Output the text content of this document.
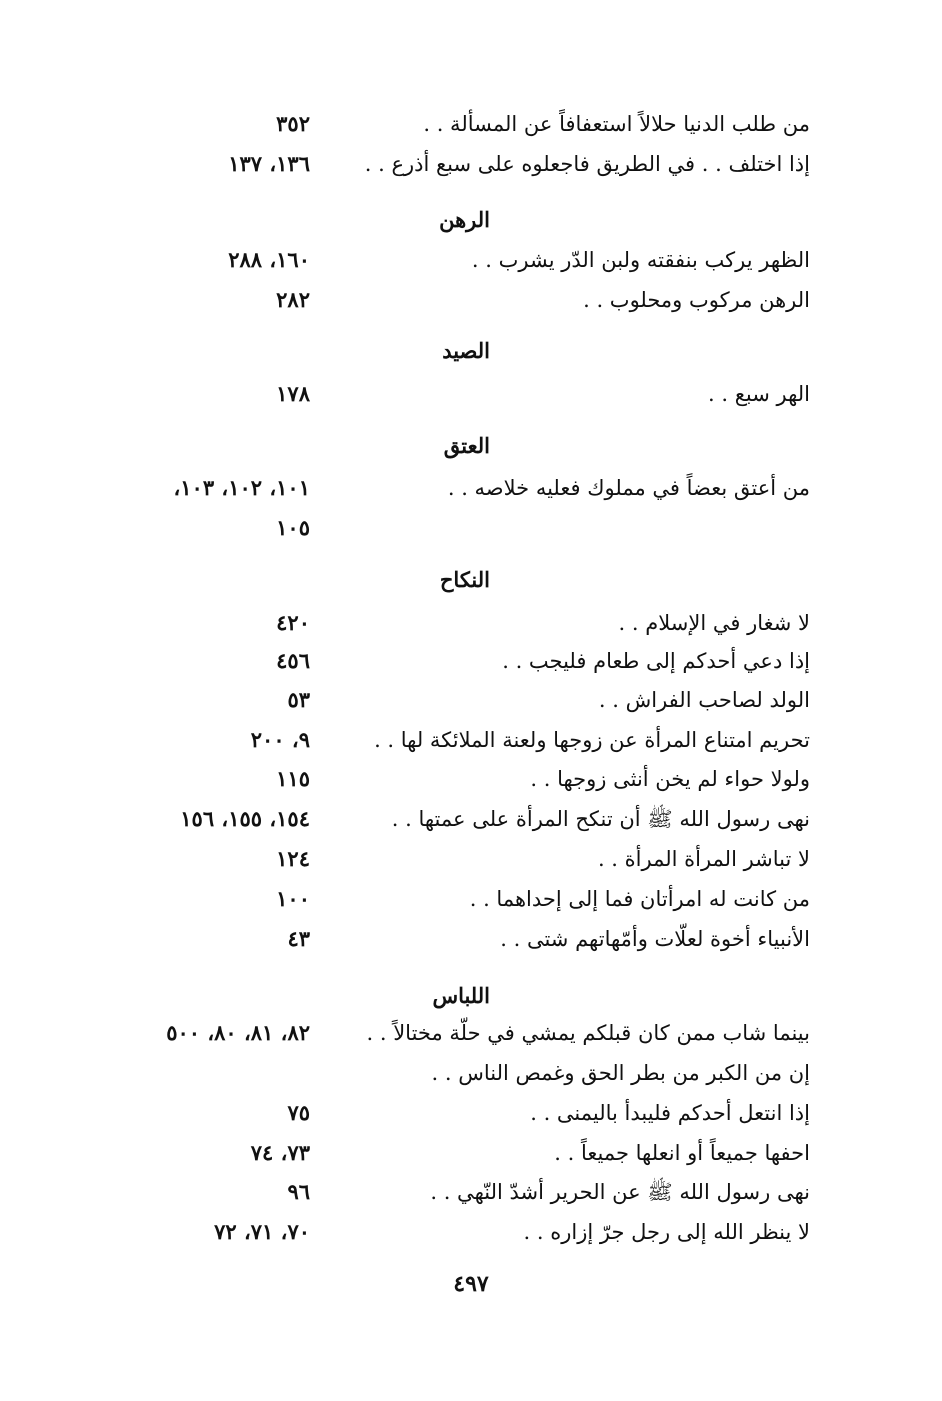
من طلب الدنيا حلالاً استعفافاً عن المسألة . .
٣٥٢
إذا اختلف . . في الطريق فاجعلوه على سبع أذرع . .
١٣٦، ١٣٧
الرهن
الظهر يركب بنفقته ولبن الدّر يشرب . .
١٦٠، ٢٨٨
الرهن مركوب ومحلوب . .
٢٨٢
الصيد
الهر سبع . .
١٧٨
العتق
من أعتق بعضاً في مملوك فعليه خلاصه . .
١٠١، ١٠٢، ١٠٣،
١٠٥
النكاح
لا شغار في الإسلام . .
٤٢٠
إذا دعي أحدكم إلى طعام فليجب . .
٤٥٦
الولد لصاحب الفراش . .
٥٣
تحريم امتناع المرأة عن زوجها ولعنة الملائكة لها . .
٩، ٢٠٠
ولولا حواء لم يخن أنثى زوجها . .
١١٥
نهى رسول الله ﷺ أن تنكح المرأة على عمتها . .
١٥٤، ١٥٥، ١٥٦
لا تباشر المرأة المرأة . .
١٢٤
من كانت له امرأتان فما إلى إحداهما . .
١٠٠
الأنبياء أخوة لعلّات وأمّهاتهم شتى . .
٤٣
اللباس
بينما شاب ممن كان قبلكم يمشي في حلّة مختالاً . .
٨٢، ٨١، ٨٠، ٥٠٠
إن من الكبر من بطر الحق وغمص الناس . .
إذا انتعل أحدكم فليبدأ باليمنى . .
٧٥
احفها جميعاً أو انعلها جميعاً . .
٧٣، ٧٤
نهى رسول الله ﷺ عن الحرير أشدّ النّهي . .
٩٦
لا ينظر الله إلى رجل جرّ إزاره . .
٧٠، ٧١، ٧٢
٤٩٧
